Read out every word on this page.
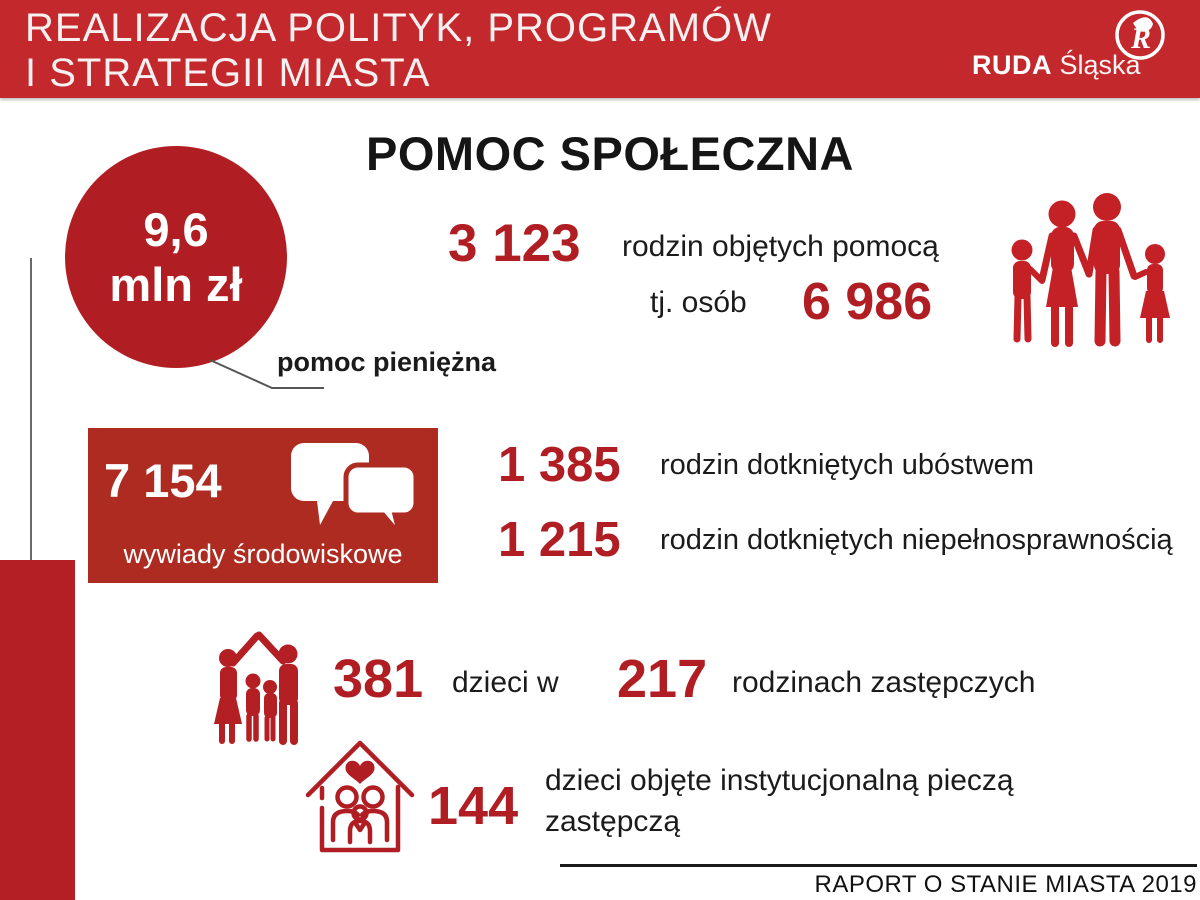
REALIZACJA POLITYK, PROGRAMÓW
I STRATEGII MIASTA	RUDA Śląska
R
POMOC SPOŁECZNA
9,6
mln zł
pomoc pieniężna
3 123 rodzin objętych pomocą
tj. osób 6 986
7 154
wywiady środowiskowe
1 385 rodzin dotkniętych ubóstwem
1 215 rodzin dotkniętych niepełnosprawnością
381 dzieci w 217 rodzinach zastępczych
144 dzieci objęte instytucjonalną pieczą zastępczą
RAPORT O STANIE MIASTA 2019
